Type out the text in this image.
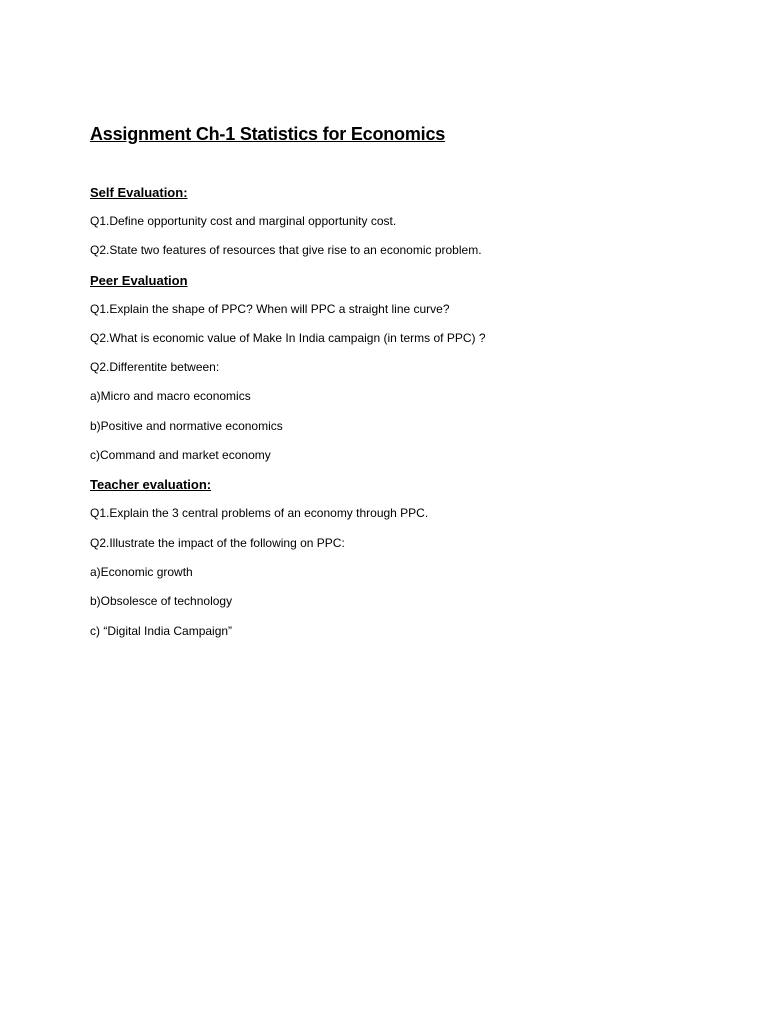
Assignment Ch-1 Statistics for Economics
Self Evaluation:
Q1.Define opportunity cost and marginal opportunity cost.
Q2.State two features of resources that give rise to an economic problem.
Peer Evaluation
Q1.Explain the shape of PPC? When will PPC a straight line curve?
Q2.What is economic value of Make In India campaign (in terms of PPC) ?
Q2.Differentite between:
a)Micro and macro economics
b)Positive and normative economics
c)Command and market economy
Teacher evaluation:
Q1.Explain the 3 central problems of an economy through PPC.
Q2.Illustrate the impact of the following on PPC:
a)Economic growth
b)Obsolesce of technology
c) “Digital India Campaign”
